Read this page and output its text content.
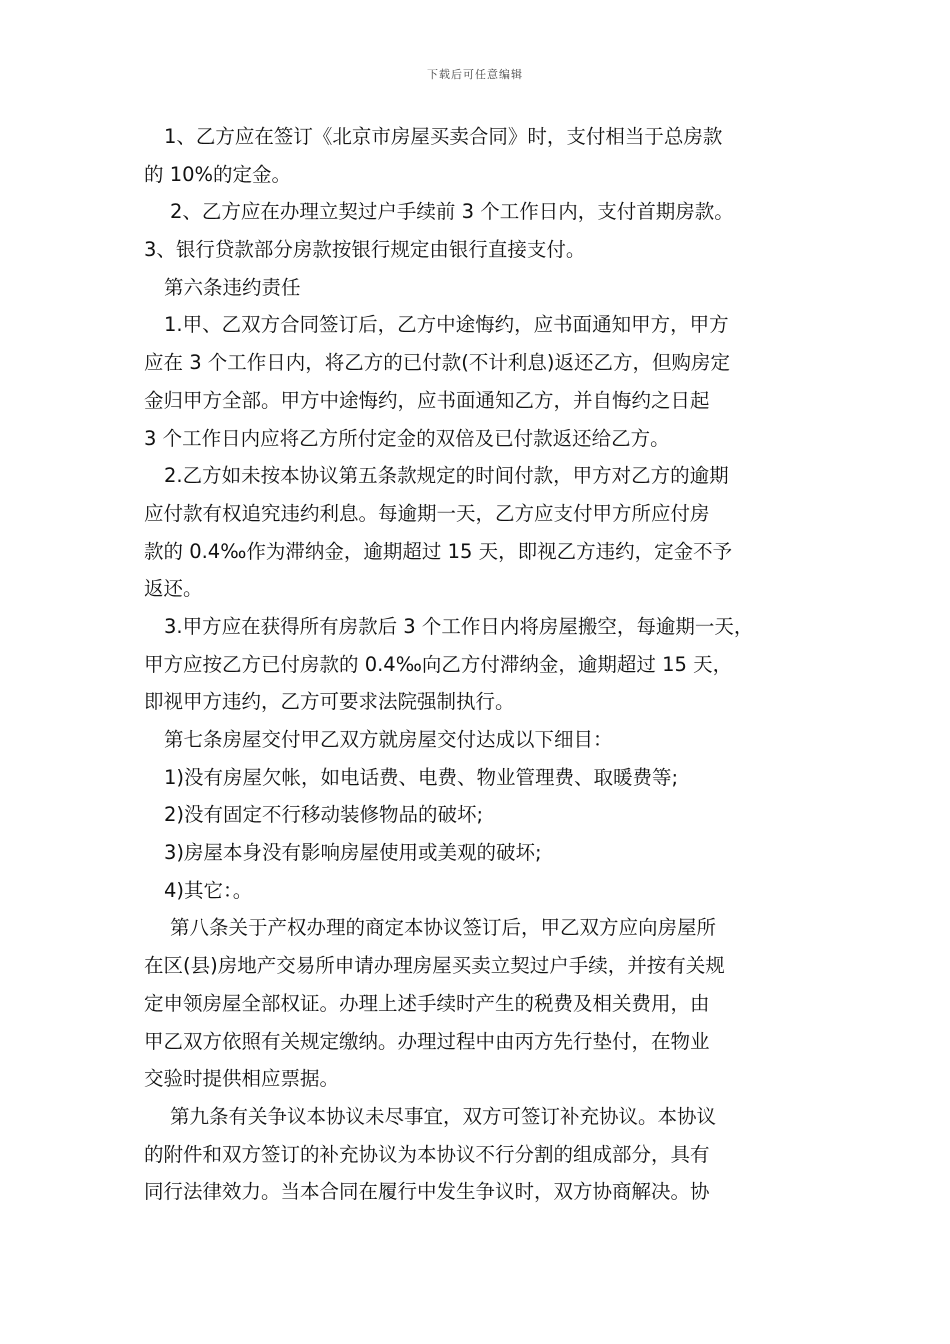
下载后可任意编辑
1、乙方应在签订《北京市房屋买卖合同》时，支付相当于总房款
的 10%的定金。
2、乙方应在办理立契过户手续前 3 个工作日内，支付首期房款。
3、银行贷款部分房款按银行规定由银行直接支付。
第六条违约责任
1.甲、乙双方合同签订后，乙方中途悔约，应书面通知甲方，甲方
应在 3 个工作日内，将乙方的已付款(不计利息)返还乙方，但购房定
金归甲方全部。甲方中途悔约，应书面通知乙方，并自悔约之日起
3 个工作日内应将乙方所付定金的双倍及已付款返还给乙方。
2.乙方如未按本协议第五条款规定的时间付款，甲方对乙方的逾期
应付款有权追究违约利息。每逾期一天，乙方应支付甲方所应付房
款的 0.4‰作为滞纳金，逾期超过 15 天，即视乙方违约，定金不予
返还。
3.甲方应在获得所有房款后 3 个工作日内将房屋搬空，每逾期一天，
甲方应按乙方已付房款的 0.4‰向乙方付滞纳金，逾期超过 15 天，
即视甲方违约，乙方可要求法院强制执行。
第七条房屋交付甲乙双方就房屋交付达成以下细目：
1)没有房屋欠帐，如电话费、电费、物业管理费、取暖费等;
2)没有固定不行移动装修物品的破坏;
3)房屋本身没有影响房屋使用或美观的破坏;
4)其它：。
第八条关于产权办理的商定本协议签订后，甲乙双方应向房屋所
在区(县)房地产交易所申请办理房屋买卖立契过户手续，并按有关规
定申领房屋全部权证。办理上述手续时产生的税费及相关费用，由
甲乙双方依照有关规定缴纳。办理过程中由丙方先行垫付，在物业
交验时提供相应票据。
第九条有关争议本协议未尽事宜，双方可签订补充协议。本协议
的附件和双方签订的补充协议为本协议不行分割的组成部分，具有
同行法律效力。当本合同在履行中发生争议时，双方协商解决。协
